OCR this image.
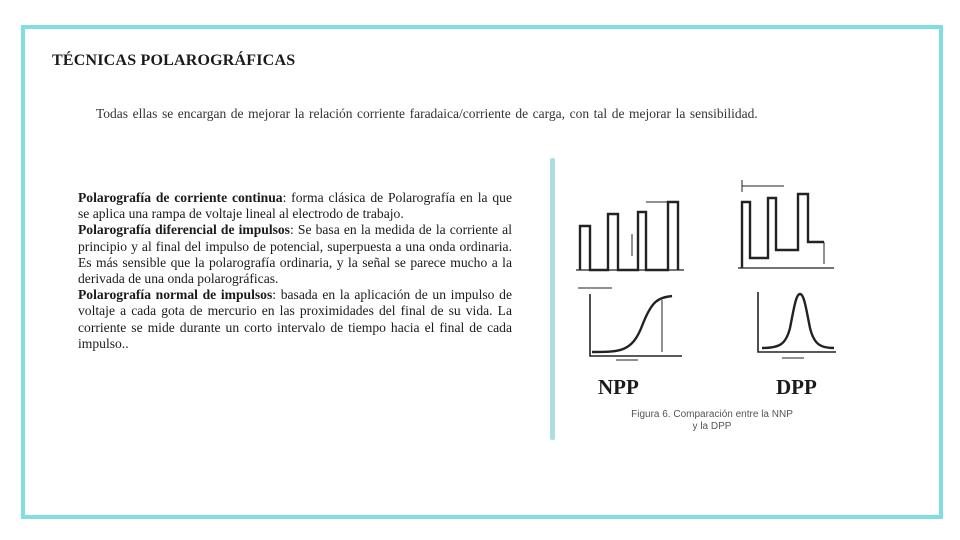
TÉCNICAS POLAROGRÁFICAS
Todas ellas se encargan de mejorar la relación corriente faradaica/corriente de carga, con tal de mejorar la sensibilidad.

Polarografía de corriente continua: forma clásica de Polarografía en la que se aplica una rampa de voltaje lineal al electrodo de trabajo.

Polarografía diferencial de impulsos: Se basa en la medida de la corriente al principio y al final del impulso de potencial, superpuesta a una onda ordinaria. Es más sensible que la polarografía ordinaria, y la señal se parece mucho a la derivada de una onda polarográficas.

Polarografía normal de impulsos: basada en la aplicación de un impulso de voltaje a cada gota de mercurio en las proximidades del final de su vida. La corriente se mide durante un corto intervalo de tiempo hacia el final de cada impulso..

NPP	DPP
Figura 6. Comparación entre la NNP
y la DPP
